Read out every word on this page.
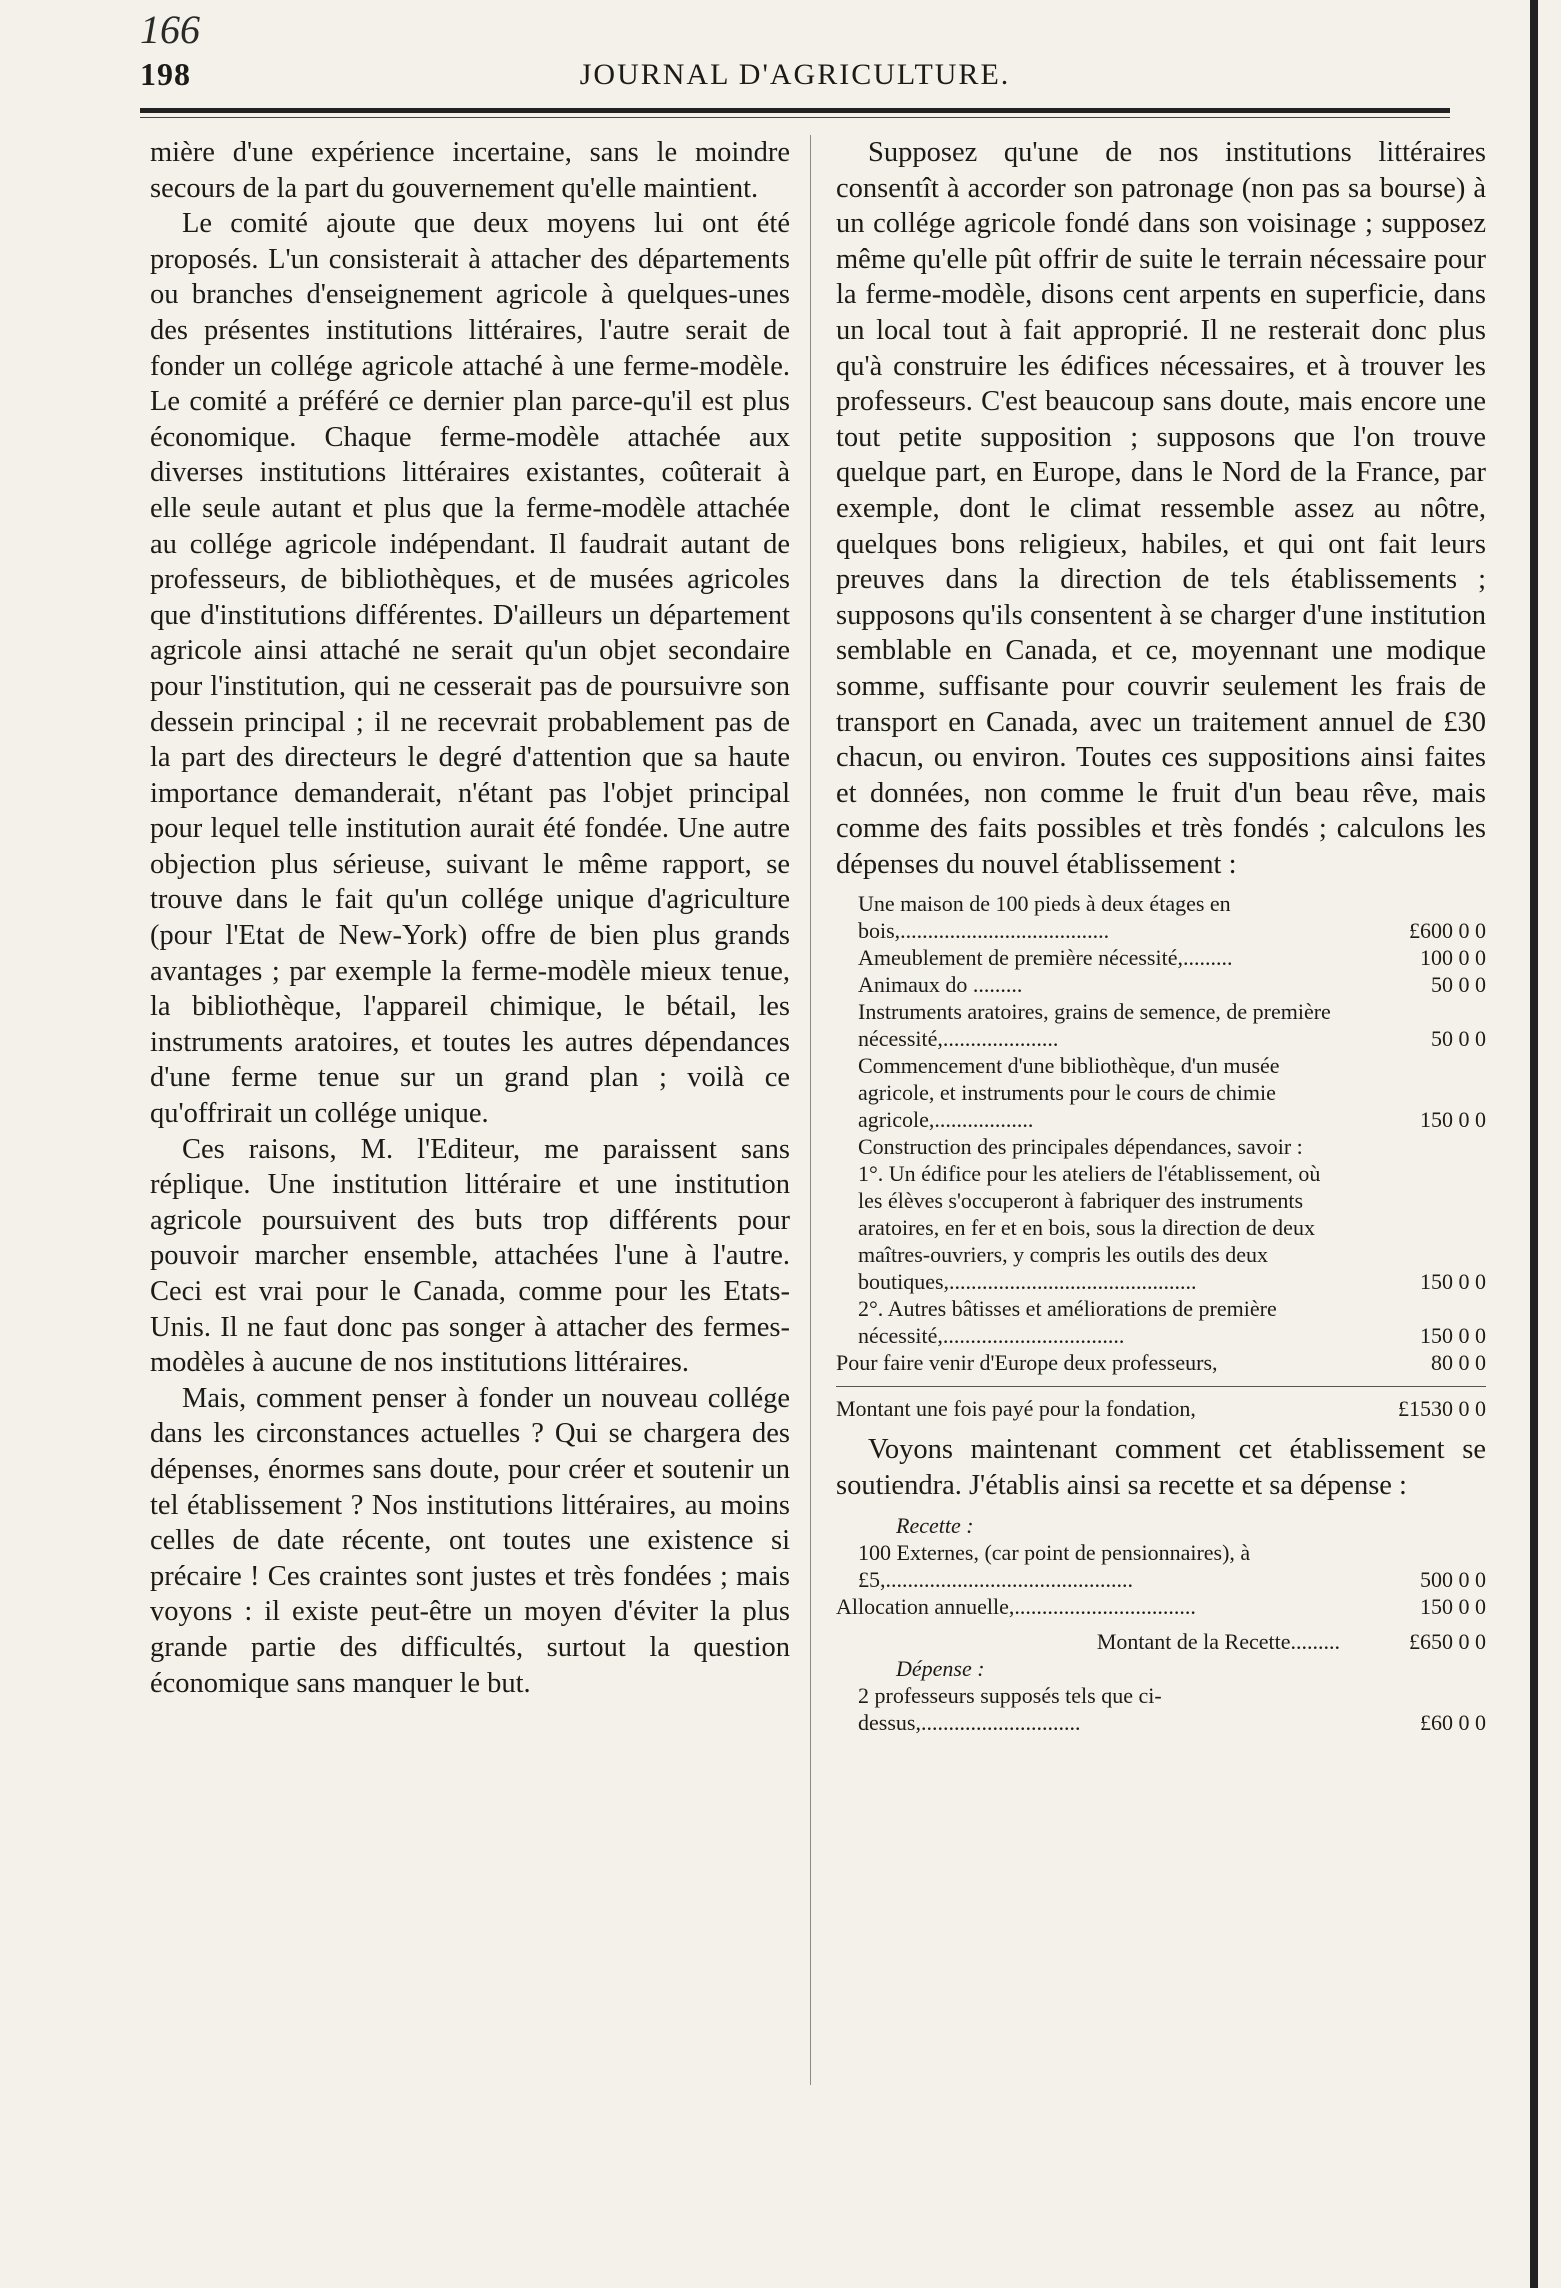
166
198	JOURNAL D'AGRICULTURE.

mière d'une expérience incertaine, sans le moindre secours de la part du gouvernement qu'elle maintient.

Le comité ajoute que deux moyens lui ont été proposés. L'un consisterait à attacher des départements ou branches d'enseignement agricole à quelques-unes des présentes institutions littéraires, l'autre serait de fonder un collége agricole attaché à une ferme-modèle. Le comité a préféré ce dernier plan parce-qu'il est plus économique. Chaque ferme-modèle attachée aux diverses institutions littéraires existantes, coûterait à elle seule autant et plus que la ferme-modèle attachée au collége agricole indépendant. Il faudrait autant de professeurs, de bibliothèques, et de musées agricoles que d'institutions différentes. D'ailleurs un département agricole ainsi attaché ne serait qu'un objet secondaire pour l'institution, qui ne cesserait pas de poursuivre son dessein principal ; il ne recevrait probablement pas de la part des directeurs le degré d'attention que sa haute importance demanderait, n'étant pas l'objet principal pour lequel telle institution aurait été fondée. Une autre objection plus sérieuse, suivant le même rapport, se trouve dans le fait qu'un collége unique d'agriculture (pour l'Etat de New-York) offre de bien plus grands avantages ; par exemple la ferme-modèle mieux tenue, la bibliothèque, l'appareil chimique, le bétail, les instruments aratoires, et toutes les autres dépendances d'une ferme tenue sur un grand plan ; voilà ce qu'offrirait un collége unique.

Ces raisons, M. l'Editeur, me paraissent sans réplique. Une institution littéraire et une institution agricole poursuivent des buts trop différents pour pouvoir marcher ensemble, attachées l'une à l'autre. Ceci est vrai pour le Canada, comme pour les Etats-Unis. Il ne faut donc pas songer à attacher des fermes-modèles à aucune de nos institutions littéraires.

Mais, comment penser à fonder un nouveau collége dans les circonstances actuelles ? Qui se chargera des dépenses, énormes sans doute, pour créer et soutenir un tel établissement ? Nos institutions littéraires, au moins celles de date récente, ont toutes une existence si précaire ! Ces craintes sont justes et très fondées ; mais voyons : il existe peut-être un moyen d'éviter la plus grande partie des difficultés, surtout la question économique sans manquer le but.

Supposez qu'une de nos institutions littéraires consentît à accorder son patronage (non pas sa bourse) à un collége agricole fondé dans son voisinage ; supposez même qu'elle pût offrir de suite le terrain nécessaire pour la ferme-modèle, disons cent arpents en superficie, dans un local tout à fait approprié. Il ne resterait donc plus qu'à construire les édifices nécessaires, et à trouver les professeurs. C'est beaucoup sans doute, mais encore une tout petite supposition ; supposons que l'on trouve quelque part, en Europe, dans le Nord de la France, par exemple, dont le climat ressemble assez au nôtre, quelques bons religieux, habiles, et qui ont fait leurs preuves dans la direction de tels établissements ; supposons qu'ils consentent à se charger d'une institution semblable en Canada, et ce, moyennant une modique somme, suffisante pour couvrir seulement les frais de transport en Canada, avec un traitement annuel de £30 chacun, ou environ. Toutes ces suppositions ainsi faites et données, non comme le fruit d'un beau rêve, mais comme des faits possibles et très fondés ; calculons les dépenses du nouvel établissement :

Une maison de 100 pieds à deux étages en bois,......................................	£600 0 0
Ameublement de première nécessité,.........	100 0 0
Animaux do .........	50 0 0
Instruments aratoires, grains de semence, de première nécessité,.....................	50 0 0
Commencement d'une bibliothèque, d'un musée agricole, et instruments pour le cours de chimie agricole,..................	150 0 0
Construction des principales dépendances, savoir :
1°. Un édifice pour les ateliers de l'établissement, où les élèves s'occuperont à fabriquer des instruments aratoires, en fer et en bois, sous la direction de deux maîtres-ouvriers, y compris les outils des deux boutiques,.............................................	150 0 0
2°. Autres bâtisses et améliorations de première nécessité,.................................	150 0 0
Pour faire venir d'Europe deux professeurs,	80 0 0
Montant une fois payé pour la fondation,	£1530 0 0

Voyons maintenant comment cet établissement se soutiendra. J'établis ainsi sa recette et sa dépense :

Recette :
100 Externes, (car point de pensionnaires), à £5,.............................................	500 0 0
Allocation annuelle,.................................	150 0 0
Montant de la Recette.........	£650 0 0
Dépense :
2 professeurs supposés tels que ci-dessus,.............................	£60 0 0
